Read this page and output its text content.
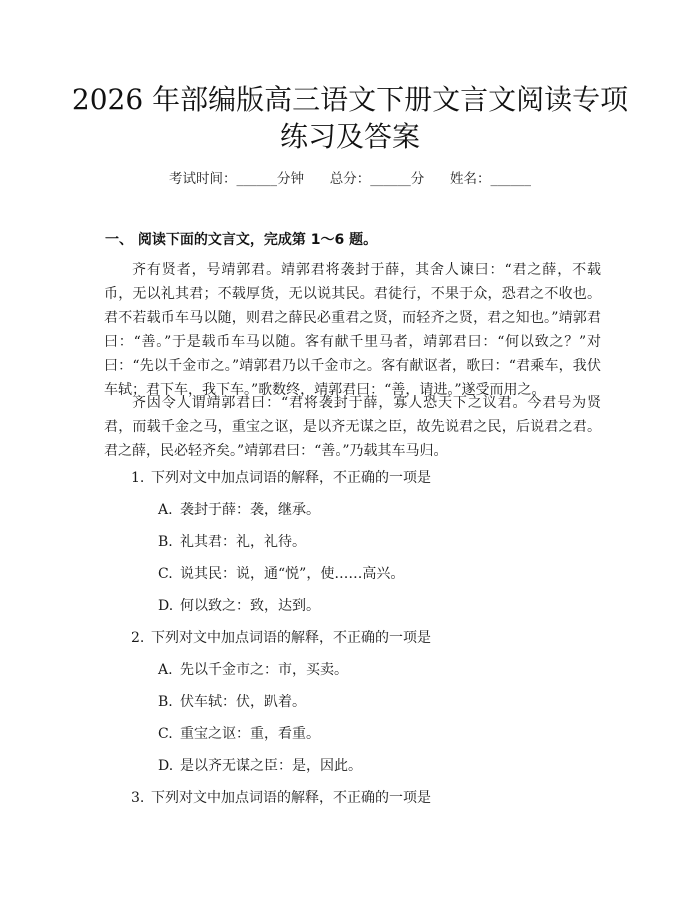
2026 年部编版高三语文下册文言文阅读专项
练习及答案
考试时间：______分钟      总分：______分      姓名：______
一、 阅读下面的文言文，完成第 1～6 题。
齐有贤者，号靖郭君。靖郭君将袭封于薛，其舍人谏曰：“君之薛，不载币，无以礼其君；不载厚货，无以说其民。君徒行，不果于众，恐君之不收也。君不若载币车马以随，则君之薛民必重君之贤，而轻齐之贤，君之知也。”靖郭君曰：“善。”于是载币车马以随。客有献千里马者，靖郭君曰：“何以致之？”对曰：“先以千金市之。”靖郭君乃以千金市之。客有献讴者，歌曰：“君乘车，我伏车轼；君下车，我下车。”歌数终，靖郭君曰：“善，请进。”遂受而用之。
齐因令人谓靖郭君曰：“君将袭封于薛，寡人恐天下之议君。今君号为贤君，而载千金之马，重宝之讴，是以齐无谋之臣，故先说君之民，后说君之君。君之薛，民必轻齐矣。”靖郭君曰：“善。”乃载其车马归。
1. 下列对文中加点词语的解释，不正确的一项是
A. 袭封于薛：袭，继承。
B. 礼其君：礼，礼待。
C. 说其民：说，通“悦”，使……高兴。
D. 何以致之：致，达到。
2. 下列对文中加点词语的解释，不正确的一项是
A. 先以千金市之：市，买卖。
B. 伏车轼：伏，趴着。
C. 重宝之讴：重，看重。
D. 是以齐无谋之臣：是，因此。
3. 下列对文中加点词语的解释，不正确的一项是
